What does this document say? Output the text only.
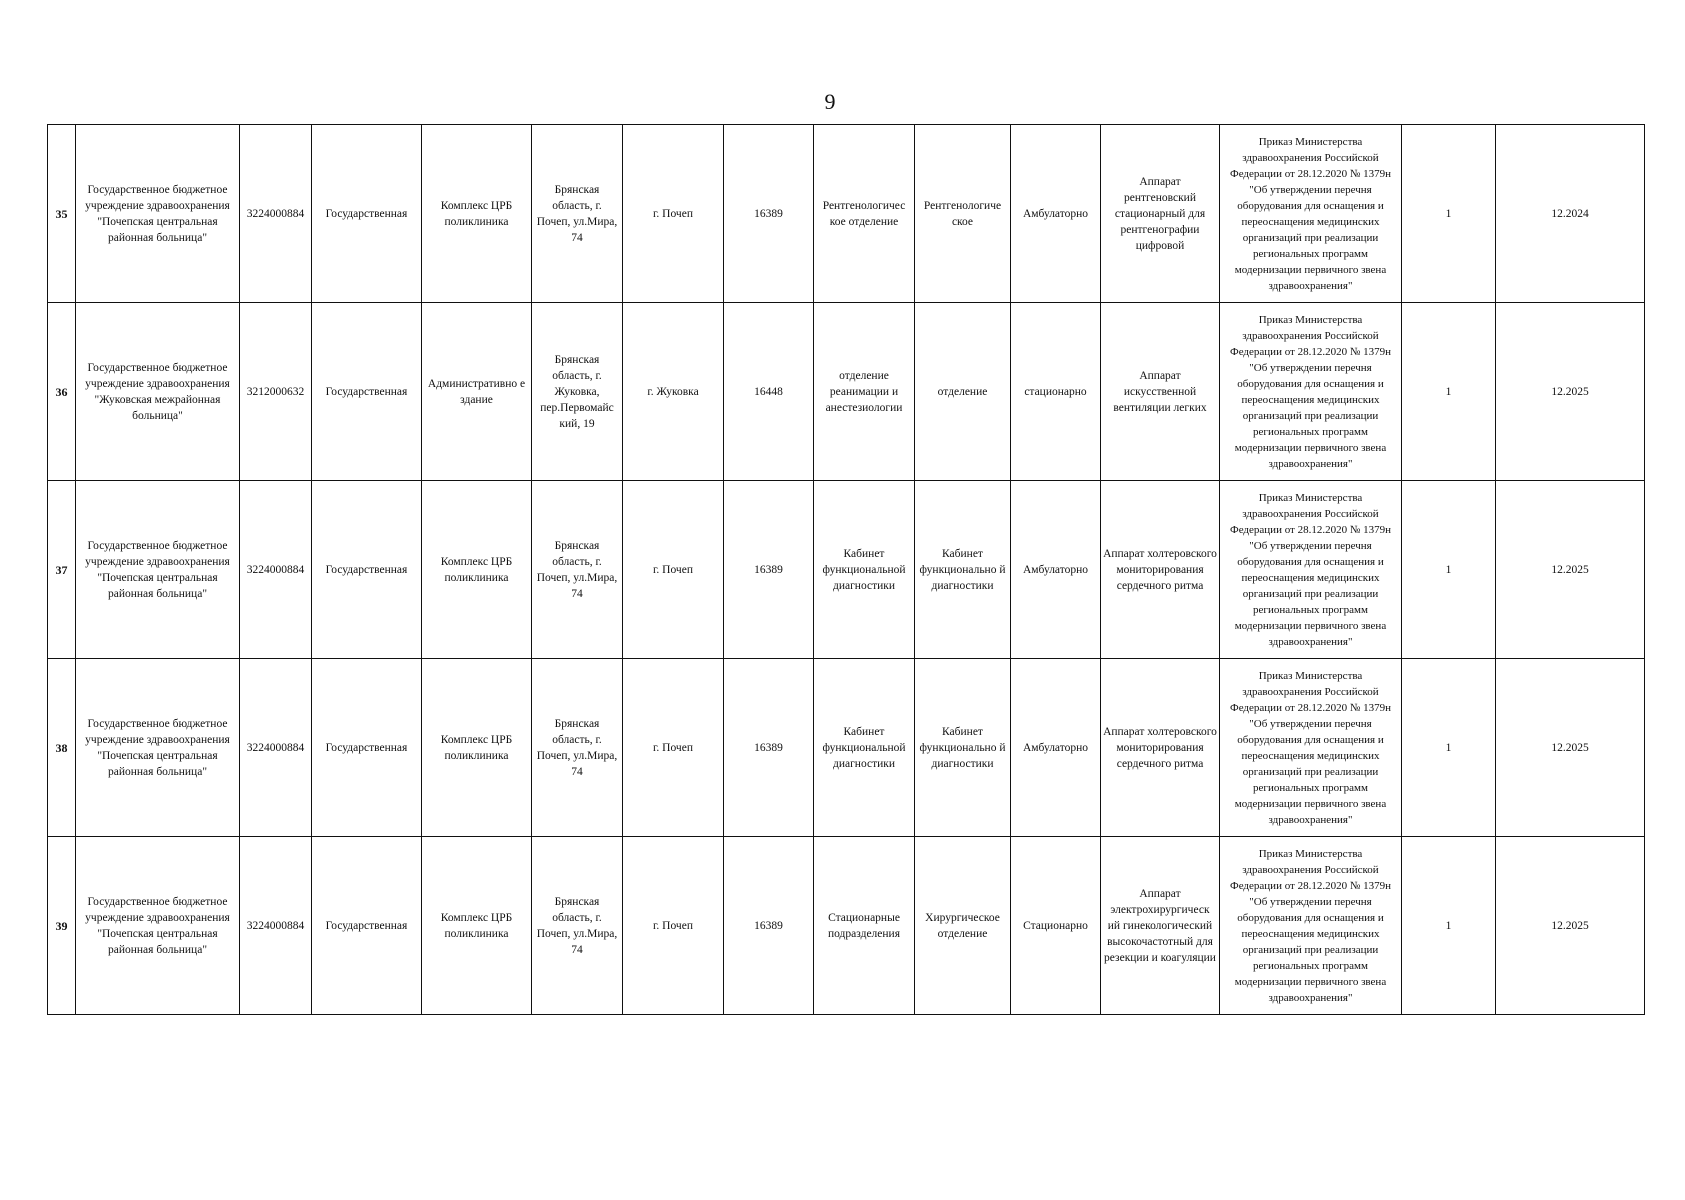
9
35	Государственное бюджетное учреждение здравоохранения "Почепская центральная районная больница"	3224000884	Государственная	Комплекс ЦРБ поликлиника	Брянская область, г. Почеп, ул.Мира, 74	г. Почеп	16389	Рентгенологичес кое отделение	Рентгенологиче ское	Амбулаторно	Аппарат рентгеновский стационарный для рентгенографии цифровой	Приказ Министерства здравоохранения Российской Федерации от 28.12.2020 № 1379н "Об утверждении перечня оборудования для оснащения и переоснащения медицинских организаций при реализации региональных программ модернизации первичного звена здравоохранения"	1	12.2024
36	Государственное бюджетное учреждение здравоохранения "Жуковская межрайонная больница"	3212000632	Государственная	Административно е здание	Брянская область, г. Жуковка, пер.Первомайс кий, 19	г. Жуковка	16448	отделение реанимации и анестезиологии	отделение	стационарно	Аппарат искусственной вентиляции легких	Приказ Министерства здравоохранения Российской Федерации от 28.12.2020 № 1379н "Об утверждении перечня оборудования для оснащения и переоснащения медицинских организаций при реализации региональных программ модернизации первичного звена здравоохранения"	1	12.2025
37	Государственное бюджетное учреждение здравоохранения "Почепская центральная районная больница"	3224000884	Государственная	Комплекс ЦРБ поликлиника	Брянская область, г. Почеп, ул.Мира, 74	г. Почеп	16389	Кабинет функциональной диагностики	Кабинет функционально й диагностики	Амбулаторно	Аппарат холтеровского мониторирования сердечного ритма	Приказ Министерства здравоохранения Российской Федерации от 28.12.2020 № 1379н "Об утверждении перечня оборудования для оснащения и переоснащения медицинских организаций при реализации региональных программ модернизации первичного звена здравоохранения"	1	12.2025
38	Государственное бюджетное учреждение здравоохранения "Почепская центральная районная больница"	3224000884	Государственная	Комплекс ЦРБ поликлиника	Брянская область, г. Почеп, ул.Мира, 74	г. Почеп	16389	Кабинет функциональной диагностики	Кабинет функционально й диагностики	Амбулаторно	Аппарат холтеровского мониторирования сердечного ритма	Приказ Министерства здравоохранения Российской Федерации от 28.12.2020 № 1379н "Об утверждении перечня оборудования для оснащения и переоснащения медицинских организаций при реализации региональных программ модернизации первичного звена здравоохранения"	1	12.2025
39	Государственное бюджетное учреждение здравоохранения "Почепская центральная районная больница"	3224000884	Государственная	Комплекс ЦРБ поликлиника	Брянская область, г. Почеп, ул.Мира, 74	г. Почеп	16389	Стационарные подразделения	Хирургическое отделение	Стационарно	Аппарат электрохирургическ ий гинекологический высокочастотный для резекции и коагуляции	Приказ Министерства здравоохранения Российской Федерации от 28.12.2020 № 1379н "Об утверждении перечня оборудования для оснащения и переоснащения медицинских организаций при реализации региональных программ модернизации первичного звена здравоохранения"	1	12.2025
